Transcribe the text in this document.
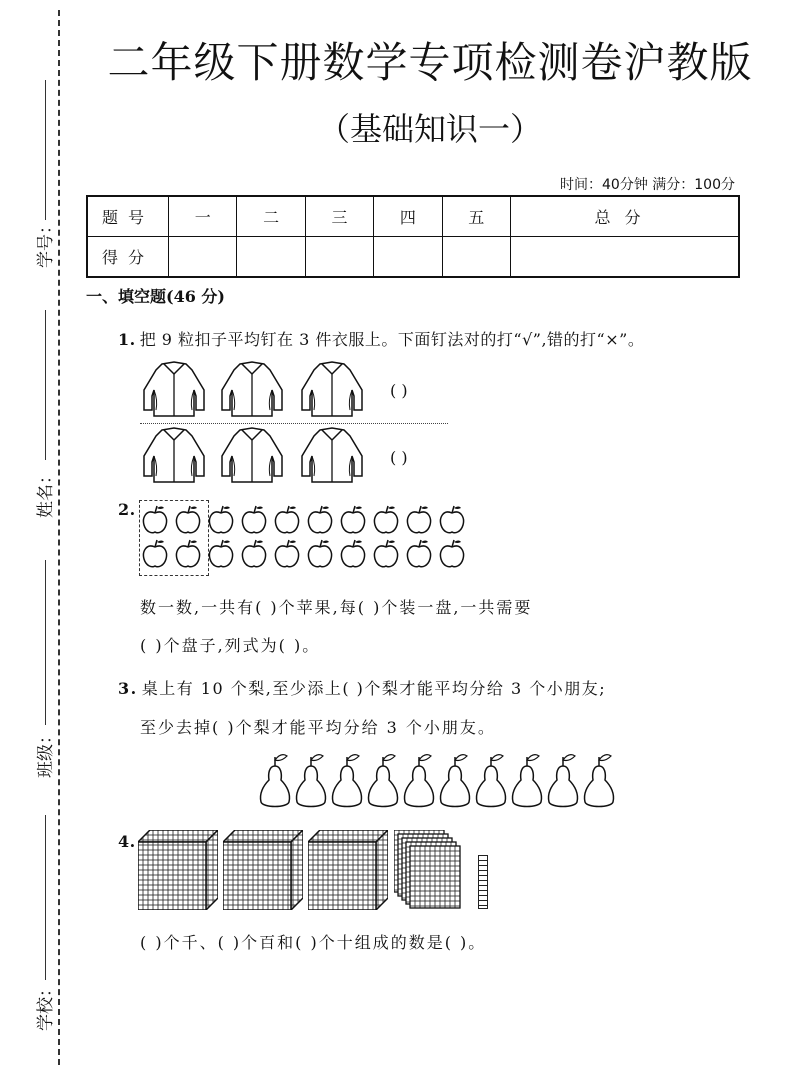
学号：
姓名：
班级：
学校：
二年级下册数学专项检测卷沪教版
（基础知识一）
时间：40分钟 满分：100分
题号	一	二	三	四	五	总分
得分						
一、填空题(46 分)
1. 把 9 粒扣子平均钉在 3 件衣服上。下面钉法对的打“√”,错的打“×”。
( )
( )
2.
数一数,一共有( )个苹果,每( )个装一盘,一共需要
( )个盘子,列式为( )。
3. 桌上有 10 个梨,至少添上( )个梨才能平均分给 3 个小朋友;
至少去掉( )个梨才能平均分给 3 个小朋友。
4.
( )个千、( )个百和( )个十组成的数是( )。
